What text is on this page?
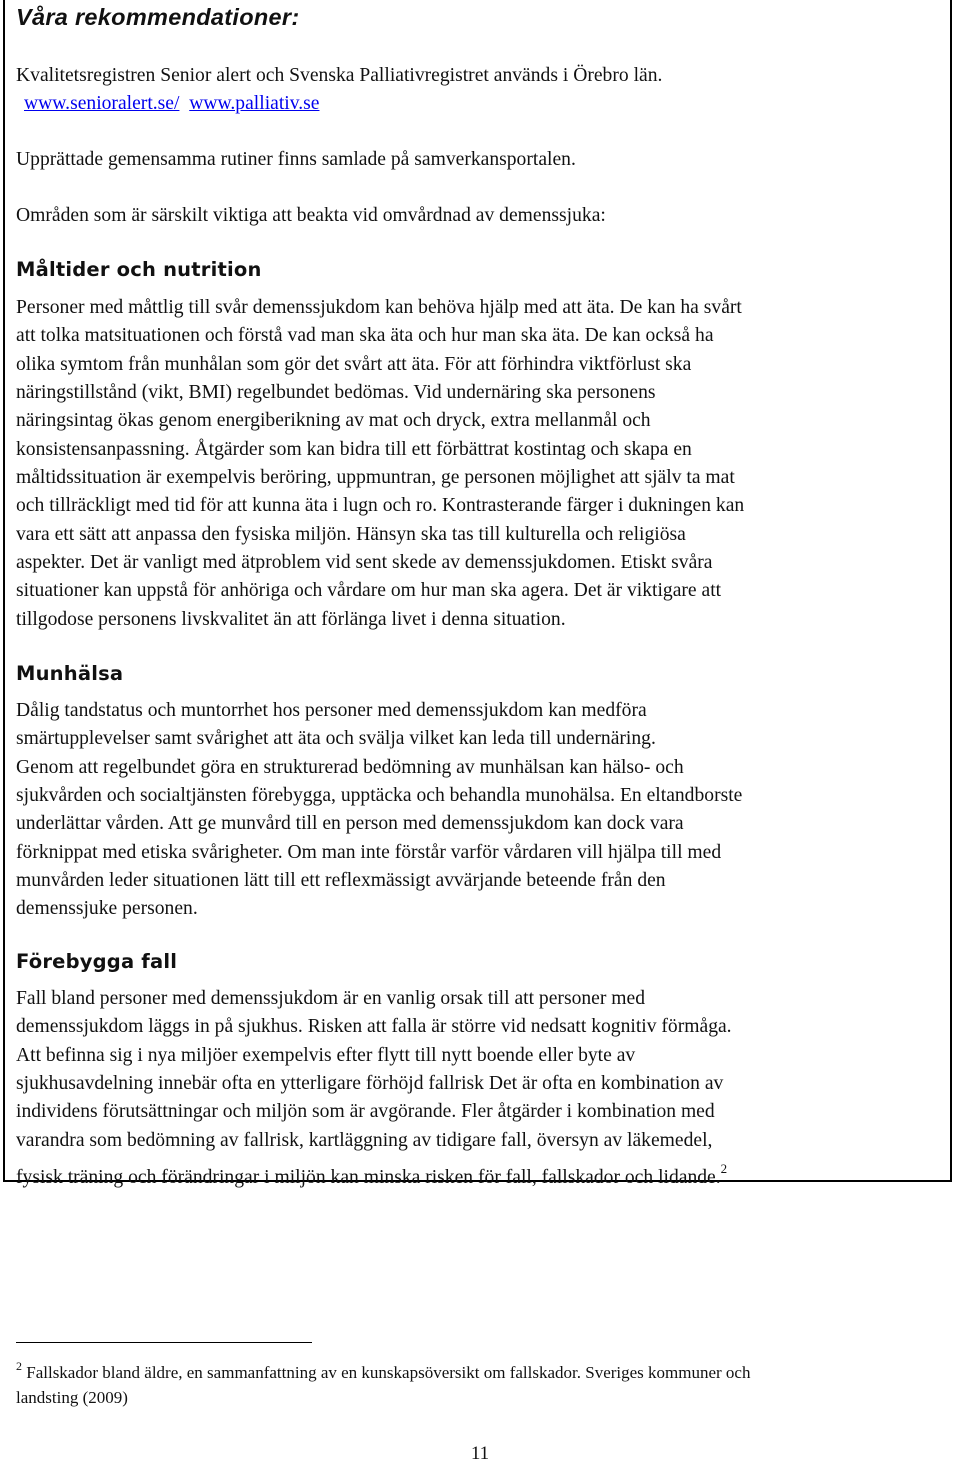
Våra rekommendationer:

Kvalitetsregistren Senior alert och Svenska Palliativregistret används i Örebro län.

www.senioralert.se/ www.palliativ.se

Upprättade gemensamma rutiner finns samlade på samverkansportalen.

Områden som är särskilt viktiga att beakta vid omvårdnad av demenssjuka:

Måltider och nutrition

Personer med måttlig till svår demenssjukdom kan behöva hjälp med att äta. De kan ha svårt

att tolka matsituationen och förstå vad man ska äta och hur man ska äta. De kan också ha

olika symtom från munhålan som gör det svårt att äta. För att förhindra viktförlust ska

näringstillstånd (vikt, BMI) regelbundet bedömas. Vid undernäring ska personens

näringsintag ökas genom energiberikning av mat och dryck, extra mellanmål och

konsistensanpassning. Åtgärder som kan bidra till ett förbättrat kostintag och skapa en

måltidssituation är exempelvis beröring, uppmuntran, ge personen möjlighet att själv ta mat

och tillräckligt med tid för att kunna äta i lugn och ro. Kontrasterande färger i dukningen kan

vara ett sätt att anpassa den fysiska miljön. Hänsyn ska tas till kulturella och religiösa

aspekter. Det är vanligt med ätproblem vid sent skede av demenssjukdomen. Etiskt svåra

situationer kan uppstå för anhöriga och vårdare om hur man ska agera. Det är viktigare att

tillgodose personens livskvalitet än att förlänga livet i denna situation.

Munhälsa

Dålig tandstatus och muntorrhet hos personer med demenssjukdom kan medföra

smärtupplevelser samt svårighet att äta och svälja vilket kan leda till undernäring.

Genom att regelbundet göra en strukturerad bedömning av munhälsan kan hälso- och

sjukvården och socialtjänsten förebygga, upptäcka och behandla munohälsa. En eltandborste

underlättar vården. Att ge munvård till en person med demenssjukdom kan dock vara

förknippat med etiska svårigheter. Om man inte förstår varför vårdaren vill hjälpa till med

munvården leder situationen lätt till ett reflexmässigt avvärjande beteende från den

demenssjuke personen.

Förebygga fall

Fall bland personer med demenssjukdom är en vanlig orsak till att personer med

demenssjukdom läggs in på sjukhus. Risken att falla är större vid nedsatt kognitiv förmåga.

Att befinna sig i nya miljöer exempelvis efter flytt till nytt boende eller byte av

sjukhusavdelning innebär ofta en ytterligare förhöjd fallrisk Det är ofta en kombination av

individens förutsättningar och miljön som är avgörande. Fler åtgärder i kombination med

varandra som bedömning av fallrisk, kartläggning av tidigare fall, översyn av läkemedel,

fysisk träning och förändringar i miljön kan minska risken för fall, fallskador och lidande.$^2$

$^2$ Fallskador bland äldre, en sammanfattning av en kunskapsöversikt om fallskador. Sveriges kommuner och
landsting (2009)

11
